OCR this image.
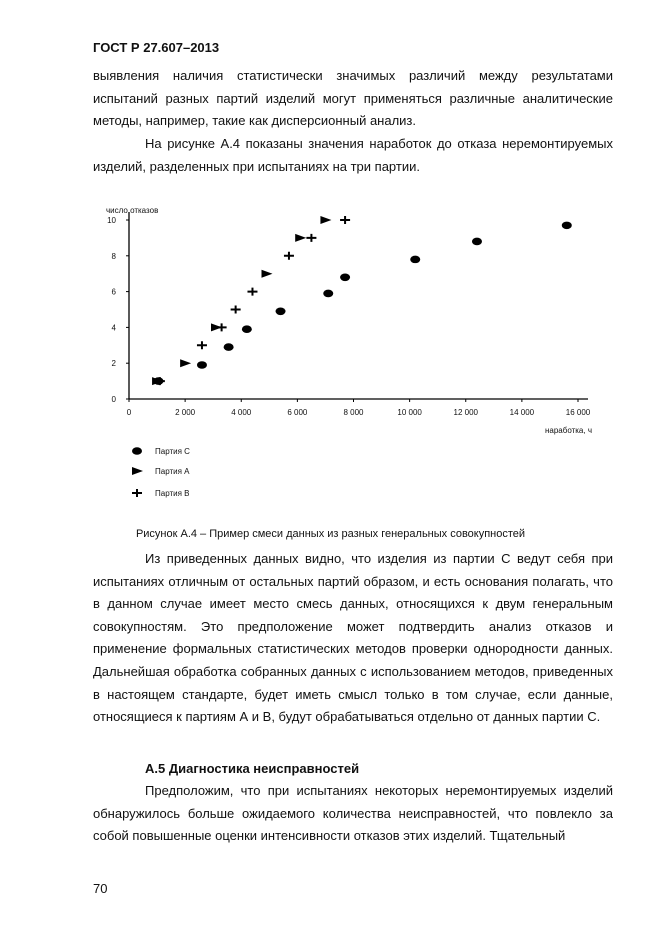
ГОСТ Р 27.607–2013

выявления наличия статистически значимых различий между результатами испытаний разных партий изделий могут применяться различные аналитические методы, например, такие как дисперсионный анализ.

На рисунке А.4 показаны значения наработок до отказа неремонтируемых изделий, разделенных при испытаниях на три партии.

0
2
4
6
8
10
0	2 000	4 000	6 000	8 000	10 000	12 000	14 000	16 000
число отказов
наработка, ч
Партия С
Партия А
Партия В
Рисунок А.4 – Пример смеси данных из разных генеральных совокупностей

Из приведенных данных видно, что изделия из партии С ведут себя при испытаниях отличным от остальных партий образом, и есть основания полагать, что в данном случае имеет место смесь данных, относящихся к двум генеральным совокупностям. Это предположение может подтвердить анализ отказов и применение формальных статистических методов проверки однородности данных. Дальнейшая обработка собранных данных с использованием методов, приведенных в настоящем стандарте, будет иметь смысл только в том случае, если данные, относящиеся к партиям А и В, будут обрабатываться отдельно от данных партии С.

А.5 Диагностика неисправностей

Предположим, что при испытаниях некоторых неремонтируемых изделий обнаружилось больше ожидаемого количества неисправностей, что повлекло за собой повышенные оценки интенсивности отказов этих изделий. Тщательный

70
